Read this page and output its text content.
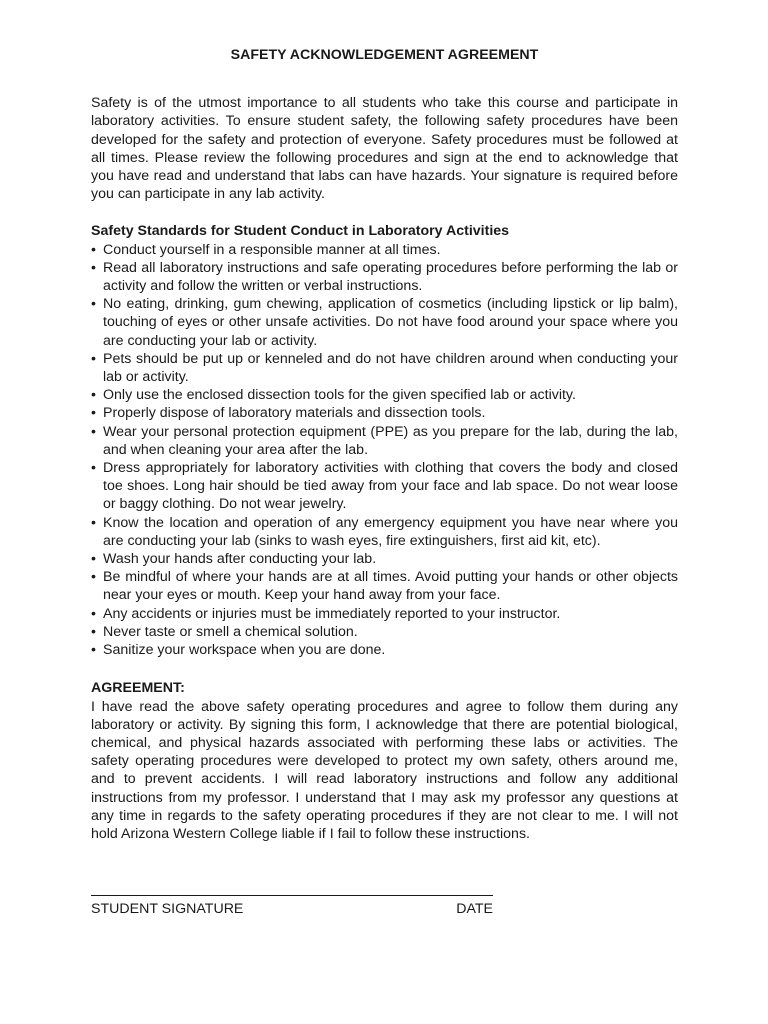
SAFETY ACKNOWLEDGEMENT AGREEMENT

Safety is of the utmost importance to all students who take this course and participate in laboratory activities. To ensure student safety, the following safety procedures have been developed for the safety and protection of everyone. Safety procedures must be followed at all times. Please review the following procedures and sign at the end to acknowledge that you have read and understand that labs can have hazards. Your signature is required before you can participate in any lab activity.

Safety Standards for Student Conduct in Laboratory Activities
• Conduct yourself in a responsible manner at all times.
• Read all laboratory instructions and safe operating procedures before performing the lab or activity and follow the written or verbal instructions.
• No eating, drinking, gum chewing, application of cosmetics (including lipstick or lip balm), touching of eyes or other unsafe activities. Do not have food around your space where you are conducting your lab or activity.
• Pets should be put up or kenneled and do not have children around when conducting your lab or activity.
• Only use the enclosed dissection tools for the given specified lab or activity.
• Properly dispose of laboratory materials and dissection tools.
• Wear your personal protection equipment (PPE) as you prepare for the lab, during the lab, and when cleaning your area after the lab.
• Dress appropriately for laboratory activities with clothing that covers the body and closed toe shoes. Long hair should be tied away from your face and lab space. Do not wear loose or baggy clothing. Do not wear jewelry.
• Know the location and operation of any emergency equipment you have near where you are conducting your lab (sinks to wash eyes, fire extinguishers, first aid kit, etc).
• Wash your hands after conducting your lab.
• Be mindful of where your hands are at all times. Avoid putting your hands or other objects near your eyes or mouth. Keep your hand away from your face.
• Any accidents or injuries must be immediately reported to your instructor.
• Never taste or smell a chemical solution.
• Sanitize your workspace when you are done.
AGREEMENT:

I have read the above safety operating procedures and agree to follow them during any laboratory or activity. By signing this form, I acknowledge that there are potential biological, chemical, and physical hazards associated with performing these labs or activities. The safety operating procedures were developed to protect my own safety, others around me, and to prevent accidents. I will read laboratory instructions and follow any additional instructions from my professor. I understand that I may ask my professor any questions at any time in regards to the safety operating procedures if they are not clear to me. I will not hold Arizona Western College liable if I fail to follow these instructions.

STUDENT SIGNATURE	DATE
